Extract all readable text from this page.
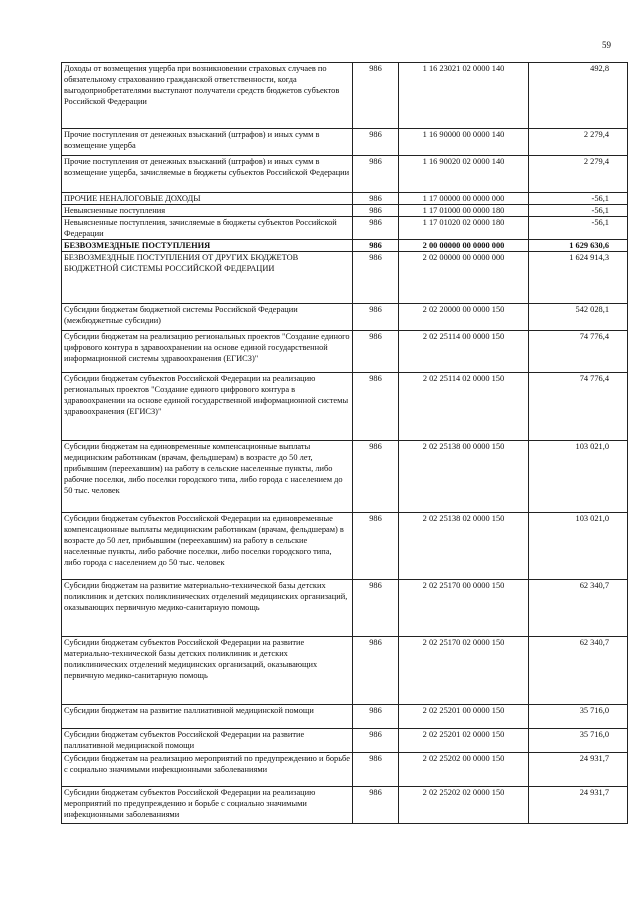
59
Доходы от возмещения ущерба при возникновении страховых случаев по обязательному страхованию гражданской ответственности, когда выгодоприобретателями выступают получатели средств бюджетов субъектов Российской Федерации	986	1 16 23021 02 0000 140	492,8
Прочие поступления от денежных взысканий (штрафов) и иных сумм в возмещение ущерба	986	1 16 90000 00 0000 140	2 279,4
Прочие поступления от денежных взысканий (штрафов) и иных сумм в возмещение ущерба, зачисляемые в бюджеты субъектов Российской Федерации	986	1 16 90020 02 0000 140	2 279,4
ПРОЧИЕ НЕНАЛОГОВЫЕ ДОХОДЫ	986	1 17 00000 00 0000 000	-56,1
Невыясненные поступления	986	1 17 01000 00 0000 180	-56,1
Невыясненные поступления, зачисляемые в бюджеты субъектов Российской Федерации	986	1 17 01020 02 0000 180	-56,1
БЕЗВОЗМЕЗДНЫЕ ПОСТУПЛЕНИЯ	986	2 00 00000 00 0000 000	1 629 630,6
БЕЗВОЗМЕЗДНЫЕ ПОСТУПЛЕНИЯ ОТ ДРУГИХ БЮДЖЕТОВ БЮДЖЕТНОЙ СИСТЕМЫ РОССИЙСКОЙ ФЕДЕРАЦИИ	986	2 02 00000 00 0000 000	1 624 914,3
Субсидии бюджетам бюджетной системы Российской Федерации (межбюджетные субсидии)	986	2 02 20000 00 0000 150	542 028,1
Субсидии бюджетам на реализацию региональных проектов "Создание единого цифрового контура в здравоохранении на основе единой государственной информационной системы здравоохранения (ЕГИСЗ)"	986	2 02 25114 00 0000 150	74 776,4
Субсидии бюджетам субъектов Российской Федерации на реализацию региональных проектов "Создание единого цифрового контура в здравоохранении на основе единой государственной информационной системы здравоохранения (ЕГИСЗ)"	986	2 02 25114 02 0000 150	74 776,4
Субсидии бюджетам на единовременные компенсационные выплаты медицинским работникам (врачам, фельдшерам) в возрасте до 50 лет, прибывшим (переехавшим) на работу в сельские населенные пункты, либо рабочие поселки, либо поселки городского типа, либо города с населением до 50 тыс. человек	986	2 02 25138 00 0000 150	103 021,0
Субсидии бюджетам субъектов Российской Федерации на единовременные компенсационные выплаты медицинским работникам (врачам, фельдшерам) в возрасте до 50 лет, прибывшим (переехавшим) на работу в сельские населенные пункты, либо рабочие поселки, либо поселки городского типа, либо города с населением до 50 тыс. человек	986	2 02 25138 02 0000 150	103 021,0
Субсидии бюджетам на развитие материально-технической базы детских поликлиник и детских поликлинических отделений медицинских организаций, оказывающих первичную медико-санитарную помощь	986	2 02 25170 00 0000 150	62 340,7
Субсидии бюджетам субъектов Российской Федерации на развитие материально-технической базы детских поликлиник и детских поликлинических отделений медицинских организаций, оказывающих первичную медико-санитарную помощь	986	2 02 25170 02 0000 150	62 340,7
Субсидии бюджетам на развитие паллиативной медицинской помощи	986	2 02 25201 00 0000 150	35 716,0
Субсидии бюджетам субъектов Российской Федерации на развитие паллиативной медицинской помощи	986	2 02 25201 02 0000 150	35 716,0
Субсидии бюджетам на реализацию мероприятий по предупреждению и борьбе с социально значимыми инфекционными заболеваниями	986	2 02 25202 00 0000 150	24 931,7
Субсидии бюджетам субъектов Российской Федерации на реализацию мероприятий по предупреждению и борьбе с социально значимыми инфекционными заболеваниями	986	2 02 25202 02 0000 150	24 931,7
